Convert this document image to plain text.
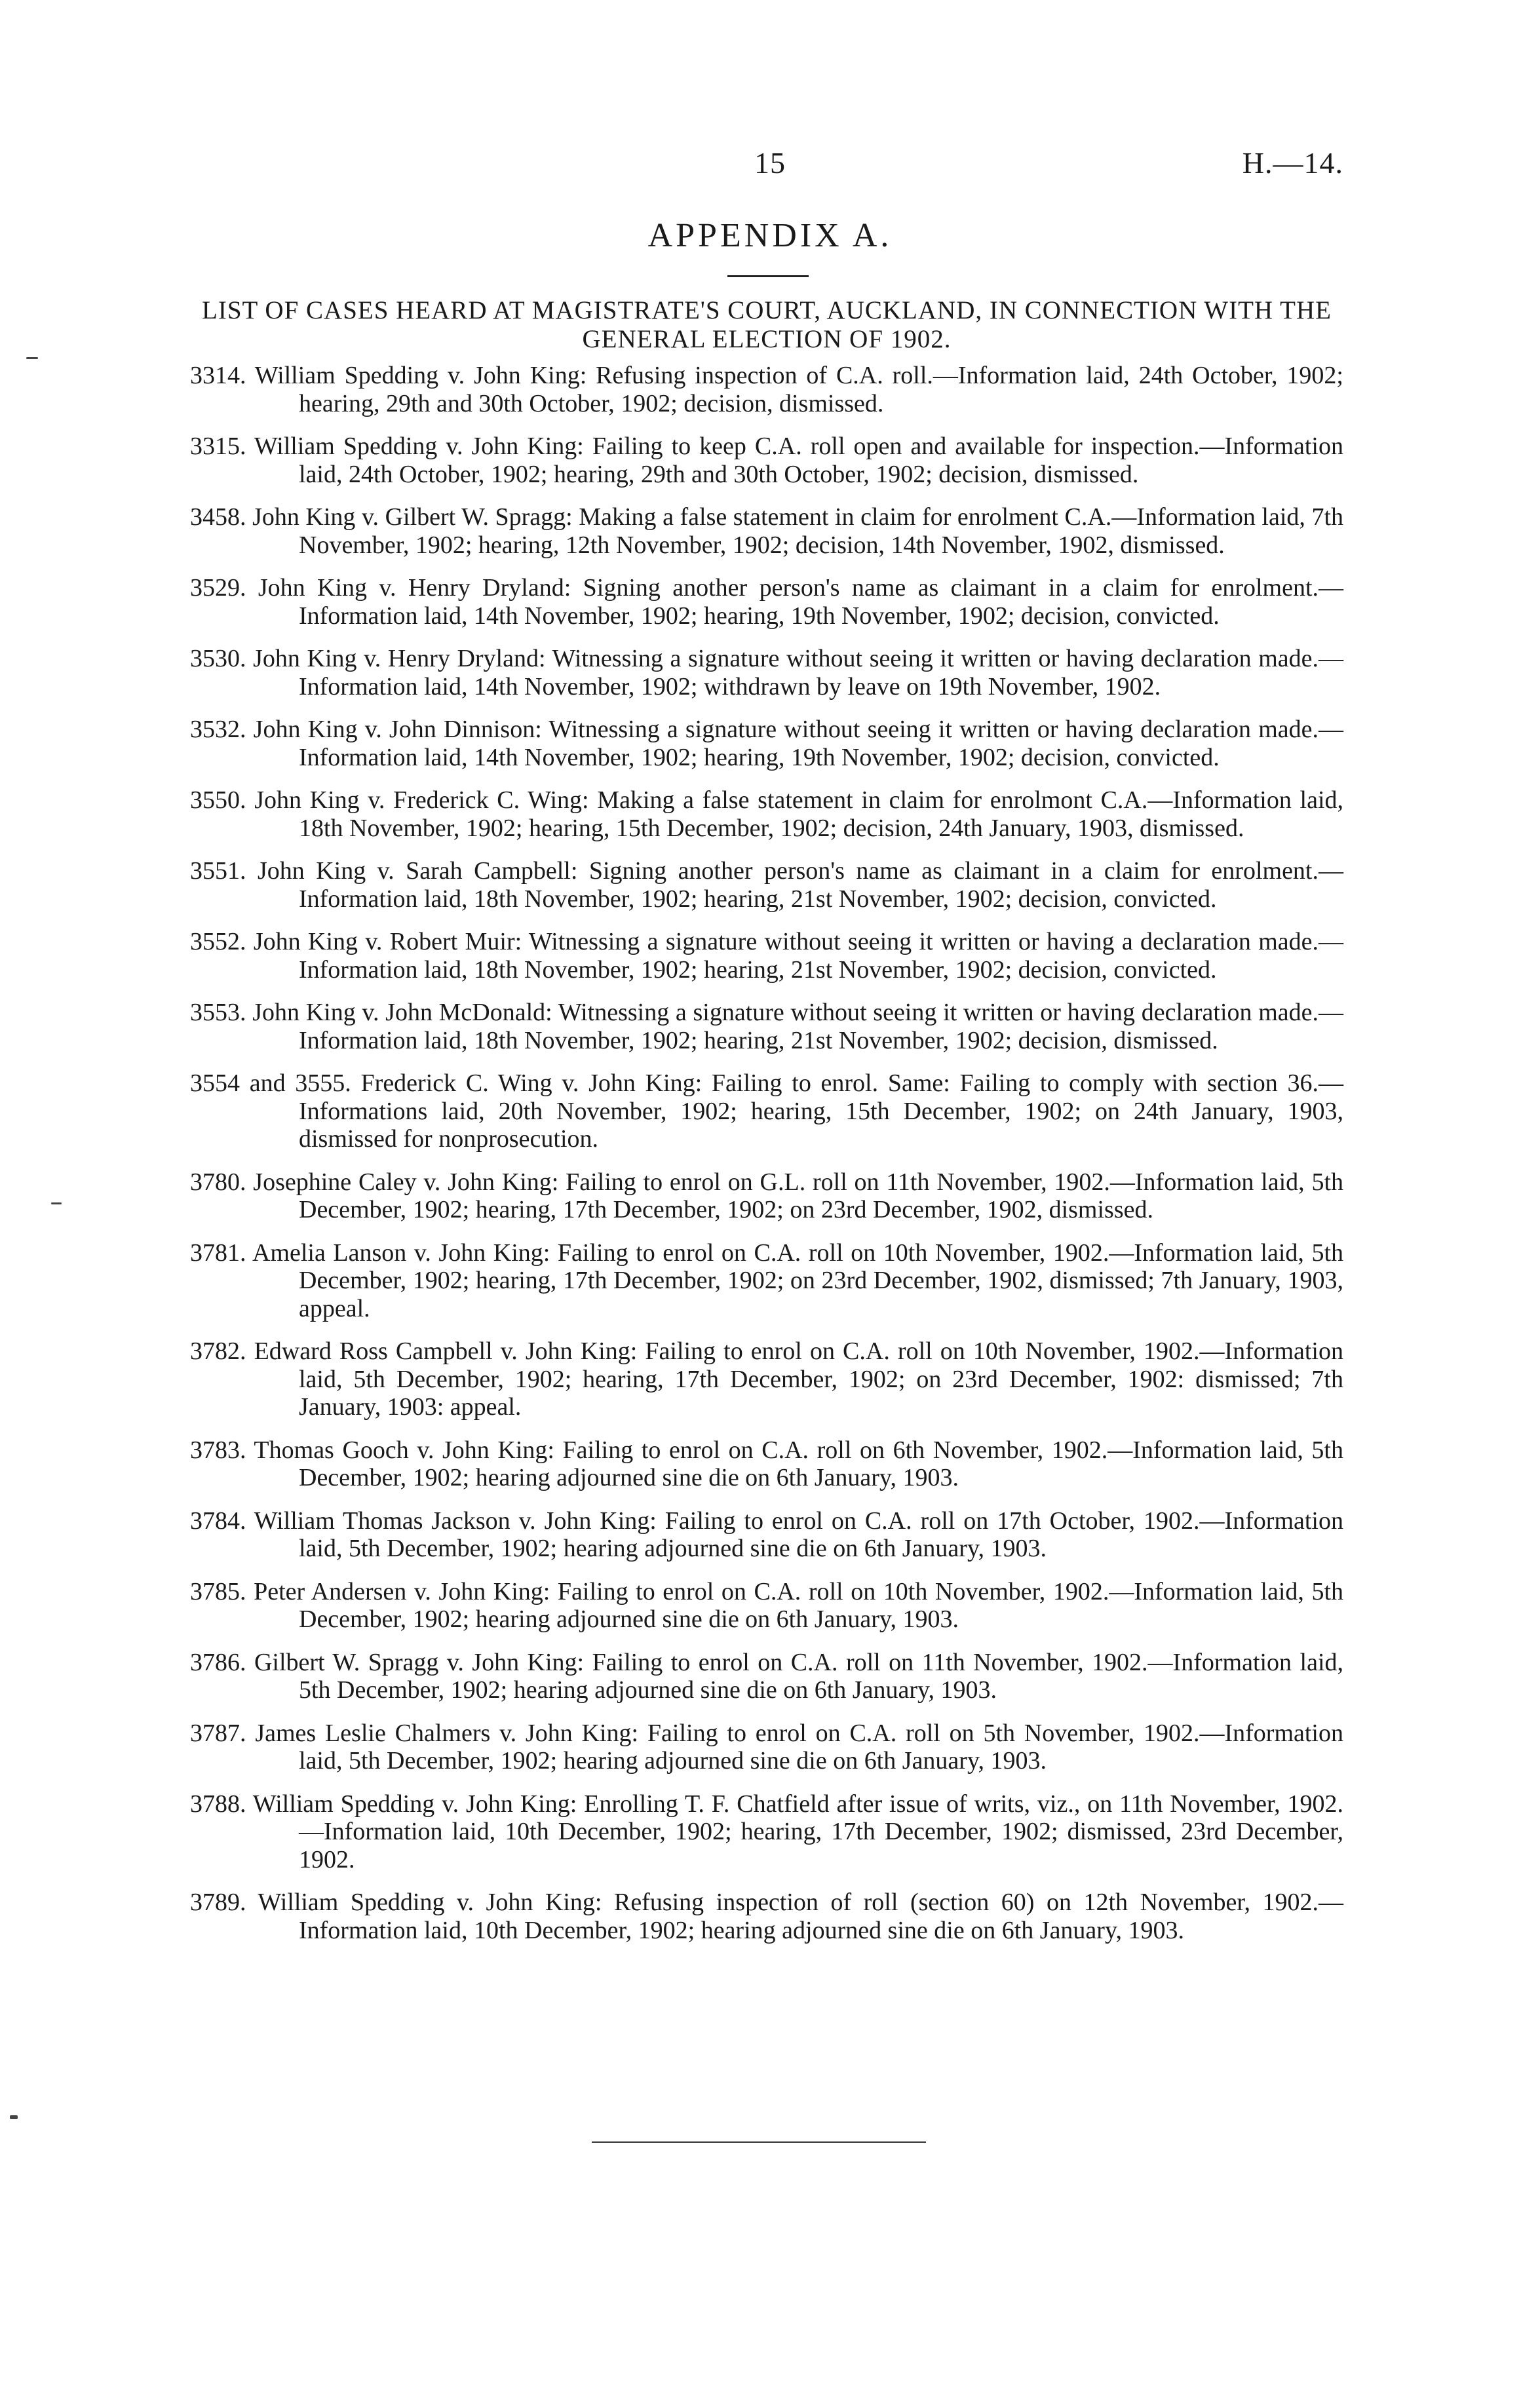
15	H.—14.
APPENDIX A.
LIST OF CASES HEARD AT MAGISTRATE'S COURT, AUCKLAND, IN CONNECTION WITH THE GENERAL ELECTION OF 1902.

3314. William Spedding v. John King: Refusing inspection of C.A. roll.—Information laid, 24th October, 1902; hearing, 29th and 30th October, 1902; decision, dismissed.

3315. William Spedding v. John King: Failing to keep C.A. roll open and available for inspection.—Information laid, 24th October, 1902; hearing, 29th and 30th October, 1902; decision, dismissed.

3458. John King v. Gilbert W. Spragg: Making a false statement in claim for enrolment C.A.—Information laid, 7th November, 1902; hearing, 12th November, 1902; decision, 14th November, 1902, dismissed.

3529. John King v. Henry Dryland: Signing another person's name as claimant in a claim for enrolment.—Information laid, 14th November, 1902; hearing, 19th November, 1902; decision, convicted.

3530. John King v. Henry Dryland: Witnessing a signature without seeing it written or having declaration made.—Information laid, 14th November, 1902; withdrawn by leave on 19th November, 1902.

3532. John King v. John Dinnison: Witnessing a signature without seeing it written or having declaration made.—Information laid, 14th November, 1902; hearing, 19th November, 1902; decision, convicted.

3550. John King v. Frederick C. Wing: Making a false statement in claim for enrolmont C.A.—Information laid, 18th November, 1902; hearing, 15th December, 1902; decision, 24th January, 1903, dismissed.

3551. John King v. Sarah Campbell: Signing another person's name as claimant in a claim for enrolment.—Information laid, 18th November, 1902; hearing, 21st November, 1902; decision, convicted.

3552. John King v. Robert Muir: Witnessing a signature without seeing it written or having a declaration made.—Information laid, 18th November, 1902; hearing, 21st November, 1902; decision, convicted.

3553. John King v. John McDonald: Witnessing a signature without seeing it written or having declaration made.—Information laid, 18th November, 1902; hearing, 21st November, 1902; decision, dismissed.

3554 and 3555. Frederick C. Wing v. John King: Failing to enrol. Same: Failing to comply with section 36.—Informations laid, 20th November, 1902; hearing, 15th December, 1902; on 24th January, 1903, dismissed for nonprosecution.

3780. Josephine Caley v. John King: Failing to enrol on G.L. roll on 11th November, 1902.—Information laid, 5th December, 1902; hearing, 17th December, 1902; on 23rd December, 1902, dismissed.

3781. Amelia Lanson v. John King: Failing to enrol on C.A. roll on 10th November, 1902.—Information laid, 5th December, 1902; hearing, 17th December, 1902; on 23rd December, 1902, dismissed; 7th January, 1903, appeal.

3782. Edward Ross Campbell v. John King: Failing to enrol on C.A. roll on 10th November, 1902.—Information laid, 5th December, 1902; hearing, 17th December, 1902; on 23rd December, 1902: dismissed; 7th January, 1903: appeal.

3783. Thomas Gooch v. John King: Failing to enrol on C.A. roll on 6th November, 1902.—Information laid, 5th December, 1902; hearing adjourned sine die on 6th January, 1903.

3784. William Thomas Jackson v. John King: Failing to enrol on C.A. roll on 17th October, 1902.—Information laid, 5th December, 1902; hearing adjourned sine die on 6th January, 1903.

3785. Peter Andersen v. John King: Failing to enrol on C.A. roll on 10th November, 1902.—Information laid, 5th December, 1902; hearing adjourned sine die on 6th January, 1903.

3786. Gilbert W. Spragg v. John King: Failing to enrol on C.A. roll on 11th November, 1902.—Information laid, 5th December, 1902; hearing adjourned sine die on 6th January, 1903.

3787. James Leslie Chalmers v. John King: Failing to enrol on C.A. roll on 5th November, 1902.—Information laid, 5th December, 1902; hearing adjourned sine die on 6th January, 1903.

3788. William Spedding v. John King: Enrolling T. F. Chatfield after issue of writs, viz., on 11th November, 1902.—Information laid, 10th December, 1902; hearing, 17th December, 1902; dismissed, 23rd December, 1902.

3789. William Spedding v. John King: Refusing inspection of roll (section 60) on 12th November, 1902.—Information laid, 10th December, 1902; hearing adjourned sine die on 6th January, 1903.
